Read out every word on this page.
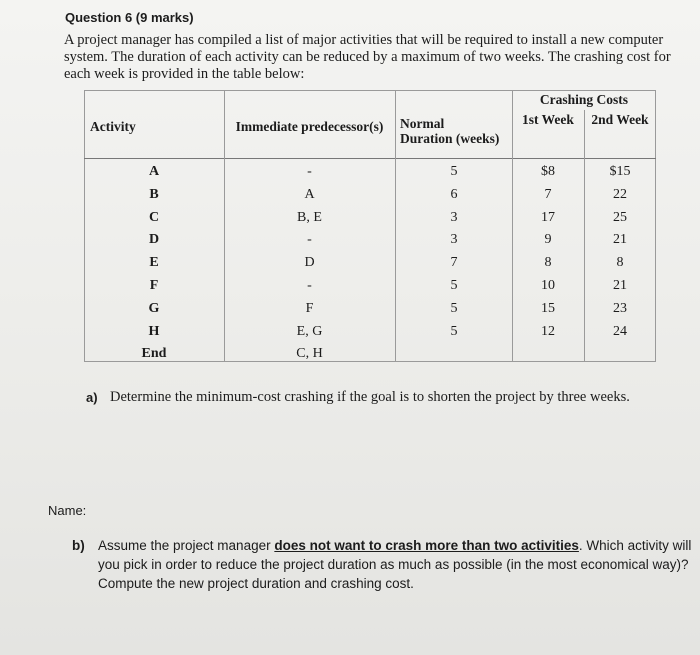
Question 6 (9 marks)
A project manager has compiled a list of major activities that will be required to install a new computer system. The duration of each activity can be reduced by a maximum of two weeks. The crashing cost for each week is provided in the table below:
Activity	Immediate predecessor(s)	Normal
Duration (weeks)
Crashing Costs
1st Week	2nd Week
A	-	5	$8	$15
B	A	6	7	22
C	B, E	3	17	25
D	-	3	9	21
E	D	7	8	8
F	-	5	10	21
G	F	5	15	23
H	E, G	5	12	24
End	C, H
a) Determine the minimum-cost crashing if the goal is to shorten the project by three weeks.
Name:
b) Assume the project manager does not want to crash more than two activities. Which activity will you pick in order to reduce the project duration as much as possible (in the most economical way)? Compute the new project duration and crashing cost.
